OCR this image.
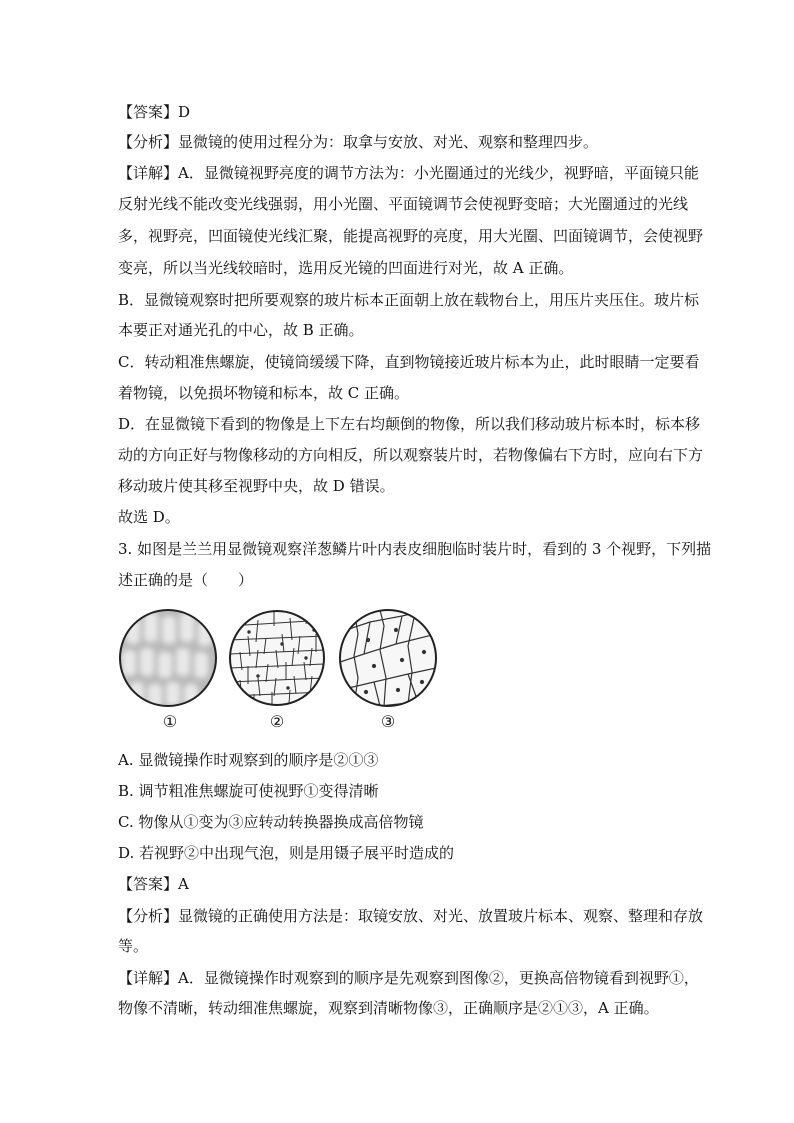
【答案】D
【分析】显微镜的使用过程分为：取拿与安放、对光、观察和整理四步。
【详解】A．显微镜视野亮度的调节方法为：小光圈通过的光线少，视野暗，平面镜只能
反射光线不能改变光线强弱，用小光圈、平面镜调节会使视野变暗；大光圈通过的光线
多，视野亮，凹面镜使光线汇聚，能提高视野的亮度，用大光圈、凹面镜调节，会使视野
变亮，所以当光线较暗时，选用反光镜的凹面进行对光，故 A 正确。
B．显微镜观察时把所要观察的玻片标本正面朝上放在载物台上，用压片夹压住。玻片标
本要正对通光孔的中心，故 B 正确。
C．转动粗准焦螺旋，使镜筒缓缓下降，直到物镜接近玻片标本为止，此时眼睛一定要看
着物镜，以免损坏物镜和标本，故 C 正确。
D．在显微镜下看到的物像是上下左右均颠倒的物像，所以我们移动玻片标本时，标本移
动的方向正好与物像移动的方向相反，所以观察装片时，若物像偏右下方时，应向右下方
移动玻片使其移至视野中央，故 D 错误。
故选 D。
3. 如图是兰兰用显微镜观察洋葱鳞片叶内表皮细胞临时装片时，看到的 3 个视野，下列描
述正确的是（　　）
①	②	③
A. 显微镜操作时观察到的顺序是②①③
B. 调节粗准焦螺旋可使视野①变得清晰
C. 物像从①变为③应转动转换器换成高倍物镜
D. 若视野②中出现气泡，则是用镊子展平时造成的
【答案】A
【分析】显微镜的正确使用方法是：取镜安放、对光、放置玻片标本、观察、整理和存放
等。
【详解】A．显微镜操作时观察到的顺序是先观察到图像②，更换高倍物镜看到视野①，
物像不清晰，转动细准焦螺旋，观察到清晰物像③，正确顺序是②①③，A 正确。
